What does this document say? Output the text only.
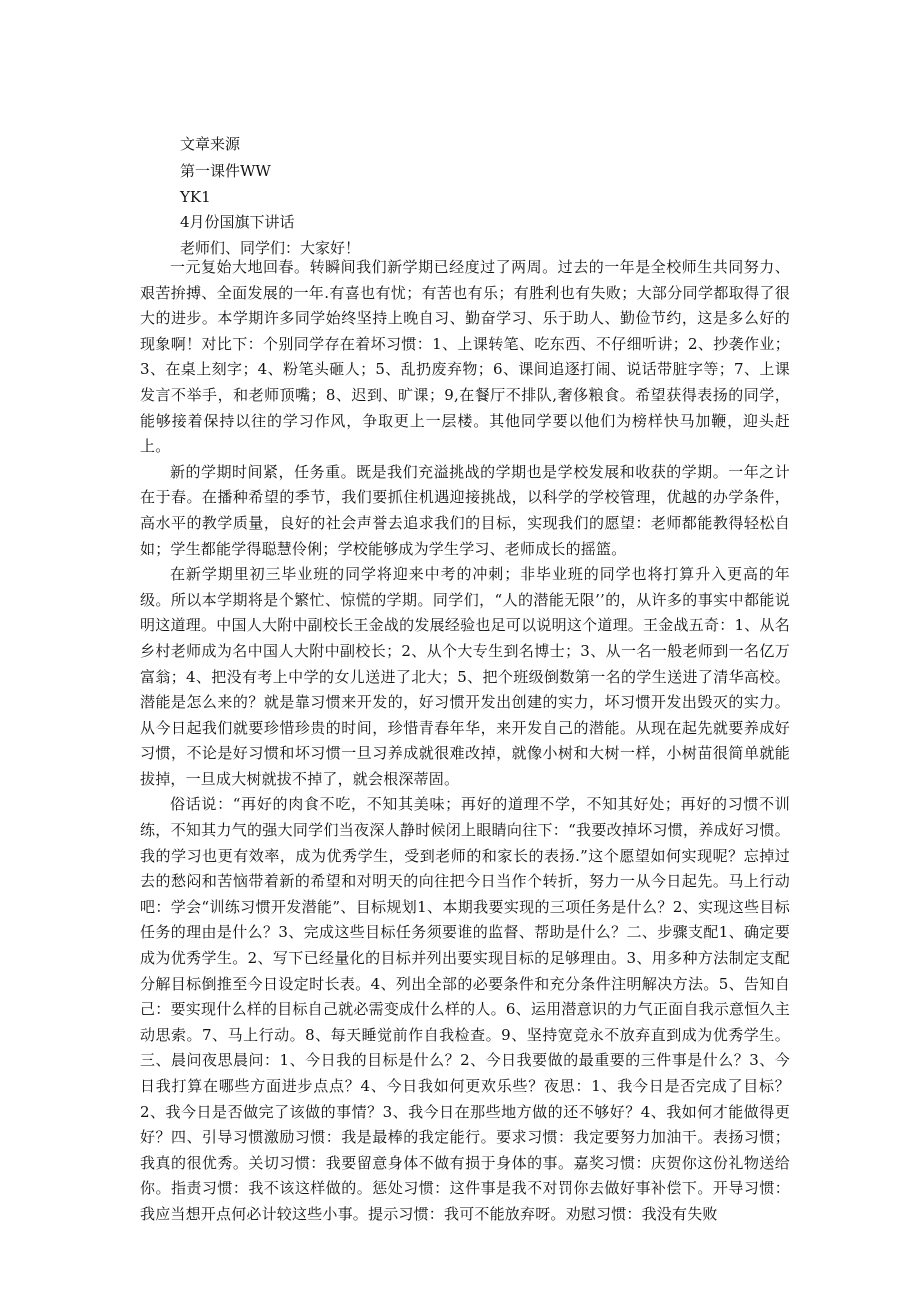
文章来源
第一课件WW
YK1
4月份国旗下讲话
老师们、同学们：大家好！

一元复始大地回春。转瞬间我们新学期已经度过了两周。过去的一年是全校师生共同努力、艰苦拚搏、全面发展的一年.有喜也有忧；有苦也有乐；有胜利也有失败；大部分同学都取得了很大的进步。本学期许多同学始终坚持上晚自习、勤奋学习、乐于助人、勤俭节约，这是多么好的现象啊！对比下：个别同学存在着坏习惯：1、上课转笔、吃东西、不仔细听讲；2、抄袭作业；3、在桌上刻字；4、粉笔头砸人；5、乱扔废弃物；6、课间追逐打闹、说话带脏字等；7、上课发言不举手，和老师顶嘴；8、迟到、旷课；9,在餐厅不排队,奢侈粮食。希望获得表扬的同学，能够接着保持以往的学习作风，争取更上一层楼。其他同学要以他们为榜样快马加鞭，迎头赶上。

新的学期时间紧，任务重。既是我们充溢挑战的学期也是学校发展和收获的学期。一年之计在于春。在播种希望的季节，我们要抓住机遇迎接挑战，以科学的学校管理，优越的办学条件，高水平的教学质量，良好的社会声誉去追求我们的目标，实现我们的愿望：老师都能教得轻松自如；学生都能学得聪慧伶俐；学校能够成为学生学习、老师成长的摇篮。

在新学期里初三毕业班的同学将迎来中考的冲刺；非毕业班的同学也将打算升入更高的年级。所以本学期将是个繁忙、惊慌的学期。同学们，“人的潜能无限’’的，从许多的事实中都能说明这道理。中国人大附中副校长王金战的发展经验也足可以说明这个道理。王金战五奇：1、从名乡村老师成为名中国人大附中副校长；2、从个大专生到名博士；3、从一名一般老师到一名亿万富翁；4、把没有考上中学的女儿送进了北大；5、把个班级倒数第一名的学生送进了清华高校。潜能是怎么来的？就是靠习惯来开发的，好习惯开发出创建的实力，坏习惯开发出毁灭的实力。从今日起我们就要珍惜珍贵的时间，珍惜青春年华，来开发自己的潜能。从现在起先就要养成好习惯，不论是好习惯和坏习惯一旦习养成就很难改掉，就像小树和大树一样，小树苗很简单就能拔掉，一旦成大树就拔不掉了，就会根深蒂固。

俗话说：“再好的肉食不吃，不知其美味；再好的道理不学，不知其好处；再好的习惯不训练，不知其力气的强大同学们当夜深人静时候闭上眼睛向往下：“我要改掉坏习惯，养成好习惯。我的学习也更有效率，成为优秀学生，受到老师的和家长的表扬.”这个愿望如何实现呢？忘掉过去的愁闷和苦恼带着新的希望和对明天的向往把今日当作个转折，努力一从今日起先。马上行动吧：学会“训练习惯开发潜能”、目标规划1、本期我要实现的三项任务是什么？2、实现这些目标任务的理由是什么？3、完成这些目标任务须要谁的监督、帮助是什么？二、步骤支配1、确定要成为优秀学生。2、写下已经量化的目标并列出要实现目标的足够理由。3、用多种方法制定支配分解目标倒推至今日设定时长表。4、列出全部的必要条件和充分条件注明解决方法。5、告知自己：要实现什么样的目标自己就必需变成什么样的人。6、运用潜意识的力气正面自我示意恒久主动思索。7、马上行动。8、每天睡觉前作自我检查。9、坚持宽竞永不放弃直到成为优秀学生。三、晨问夜思晨问：1、今日我的目标是什么？2、今日我要做的最重要的三件事是什么？3、今日我打算在哪些方面进步点点？4、今日我如何更欢乐些？夜思：1、我今日是否完成了目标？2、我今日是否做完了该做的事情？3、我今日在那些地方做的还不够好？4、我如何才能做得更好？四、引导习惯激励习惯：我是最棒的我定能行。要求习惯：我定要努力加油干。表扬习惯；我真的很优秀。关切习惯：我要留意身体不做有损于身体的事。嘉奖习惯：庆贺你这份礼物送给你。指责习惯：我不该这样做的。惩处习惯：这件事是我不对罚你去做好事补偿下。开导习惯：我应当想开点何必计较这些小事。提示习惯：我可不能放弃呀。劝慰习惯：我没有失败
